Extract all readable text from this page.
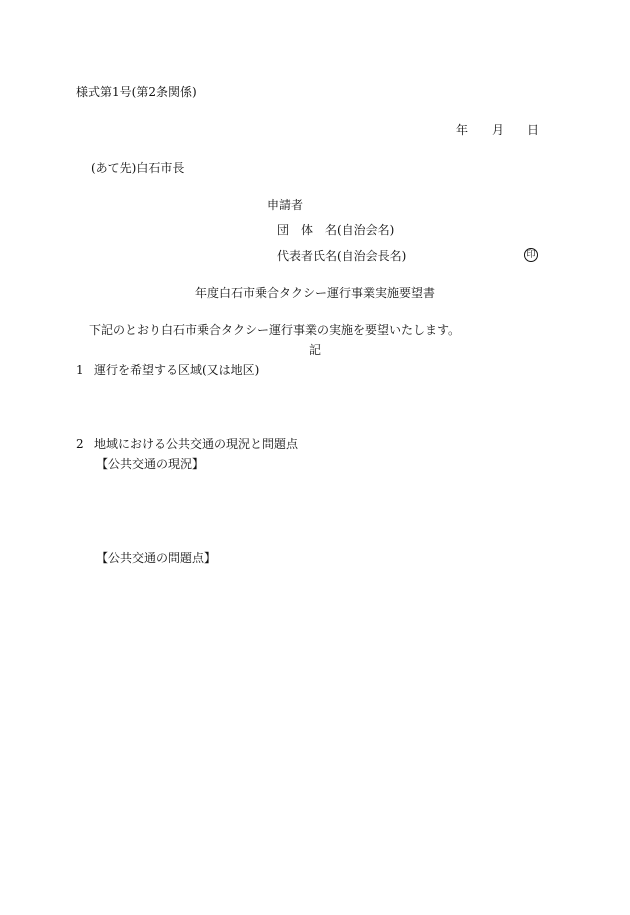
様式第1号(第2条関係)
年 月 日
(あて先)白石市長
申請者
団　体　名(自治会名)
代表者氏名(自治会長名)	印
年度白石市乗合タクシー運行事業実施要望書
下記のとおり白石市乗合タクシー運行事業の実施を要望いたします。
記
1 運行を希望する区域(又は地区)
2 地域における公共交通の現況と問題点
【公共交通の現況】
【公共交通の問題点】
